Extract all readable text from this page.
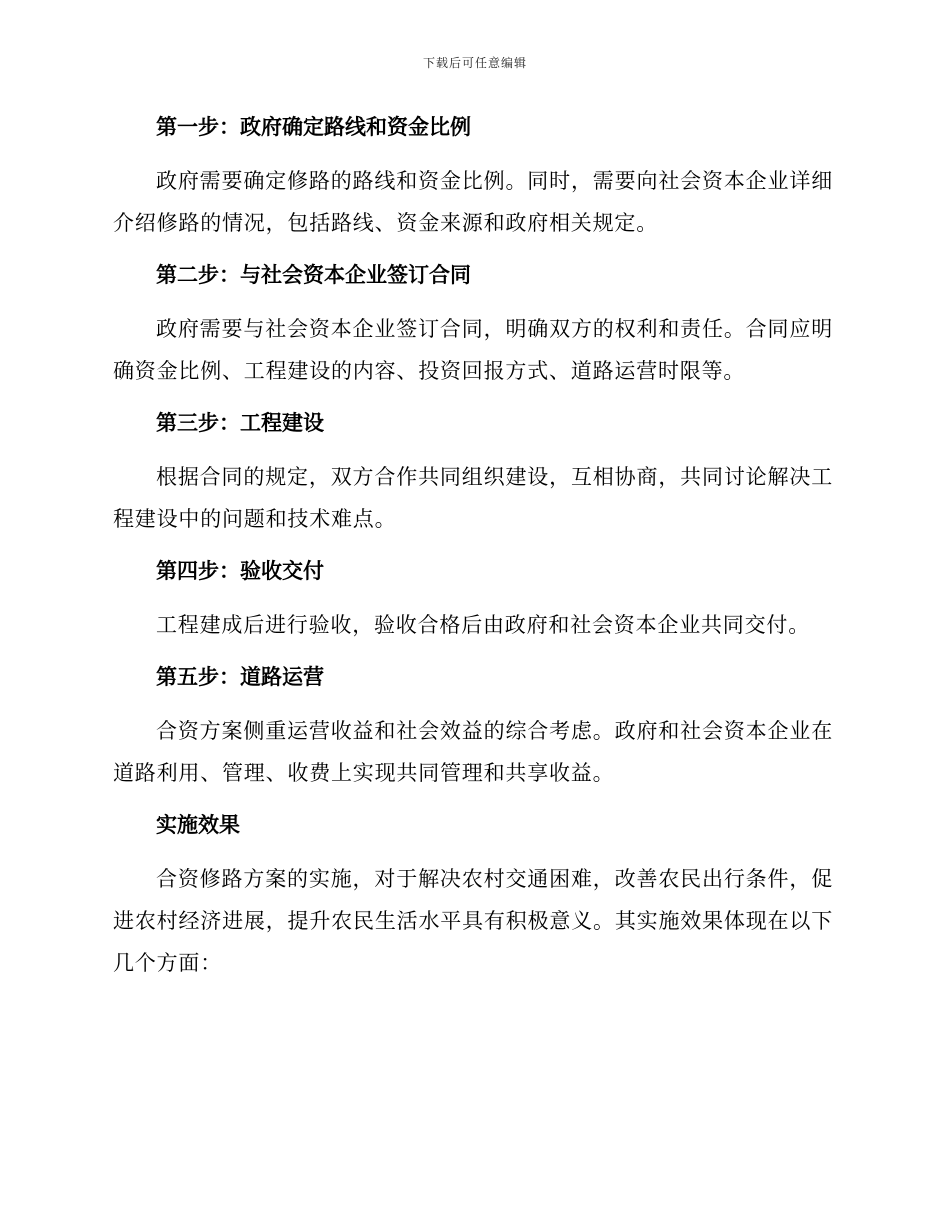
下载后可任意编辑

第一步：政府确定路线和资金比例

政府需要确定修路的路线和资金比例。同时，需要向社会资本企业详细介绍修路的情况，包括路线、资金来源和政府相关规定。

第二步：与社会资本企业签订合同

政府需要与社会资本企业签订合同，明确双方的权利和责任。合同应明确资金比例、工程建设的内容、投资回报方式、道路运营时限等。

第三步：工程建设

根据合同的规定，双方合作共同组织建设，互相协商，共同讨论解决工程建设中的问题和技术难点。

第四步：验收交付

工程建成后进行验收，验收合格后由政府和社会资本企业共同交付。

第五步：道路运营

合资方案侧重运营收益和社会效益的综合考虑。政府和社会资本企业在道路利用、管理、收费上实现共同管理和共享收益。

实施效果

合资修路方案的实施，对于解决农村交通困难，改善农民出行条件，促进农村经济进展，提升农民生活水平具有积极意义。其实施效果体现在以下几个方面：
